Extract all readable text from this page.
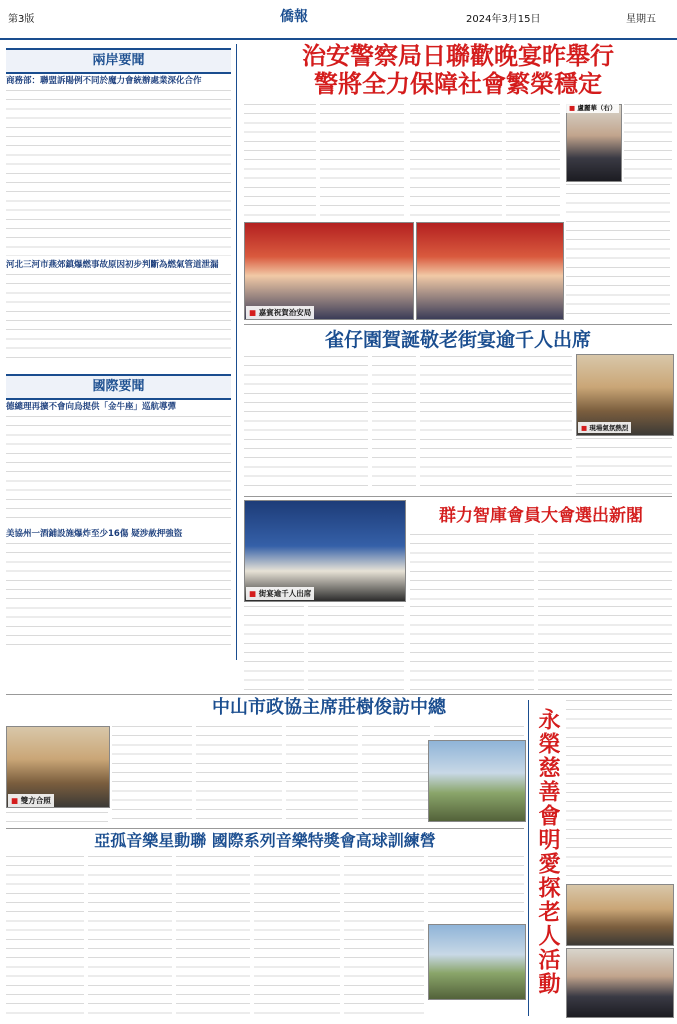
第3版	僑報	2024年3月15日	星期五
兩岸要聞
商務部：聯盟訴陽例不同於魔力會統辦處業深化合作
河北三河市燕郊鎮爆燃事故原因初步判斷為燃氣管道泄漏
國際要聞
德總理再擴不會向烏提供「金牛座」巡航導彈
美協州一酒鋪設施爆炸至少16傷 疑涉赦押強盜
治安警察局日聯歡晚宴昨舉行
警將全力保障社會繁榮穩定
■ 盧麗華（右）
■ 嘉賓祝賀治安局
雀仔園賀誕敬老街宴逾千人出席
■ 現場氣氛熱烈
■ 街宴逾千人出席
群力智庫會員大會選出新閣
中山市政協主席莊樹俊訪中總
■ 雙方合照
亞孤音樂星動聯 國際系列音樂特獎會高球訓練營	永榮慈善會明愛探老人活動
